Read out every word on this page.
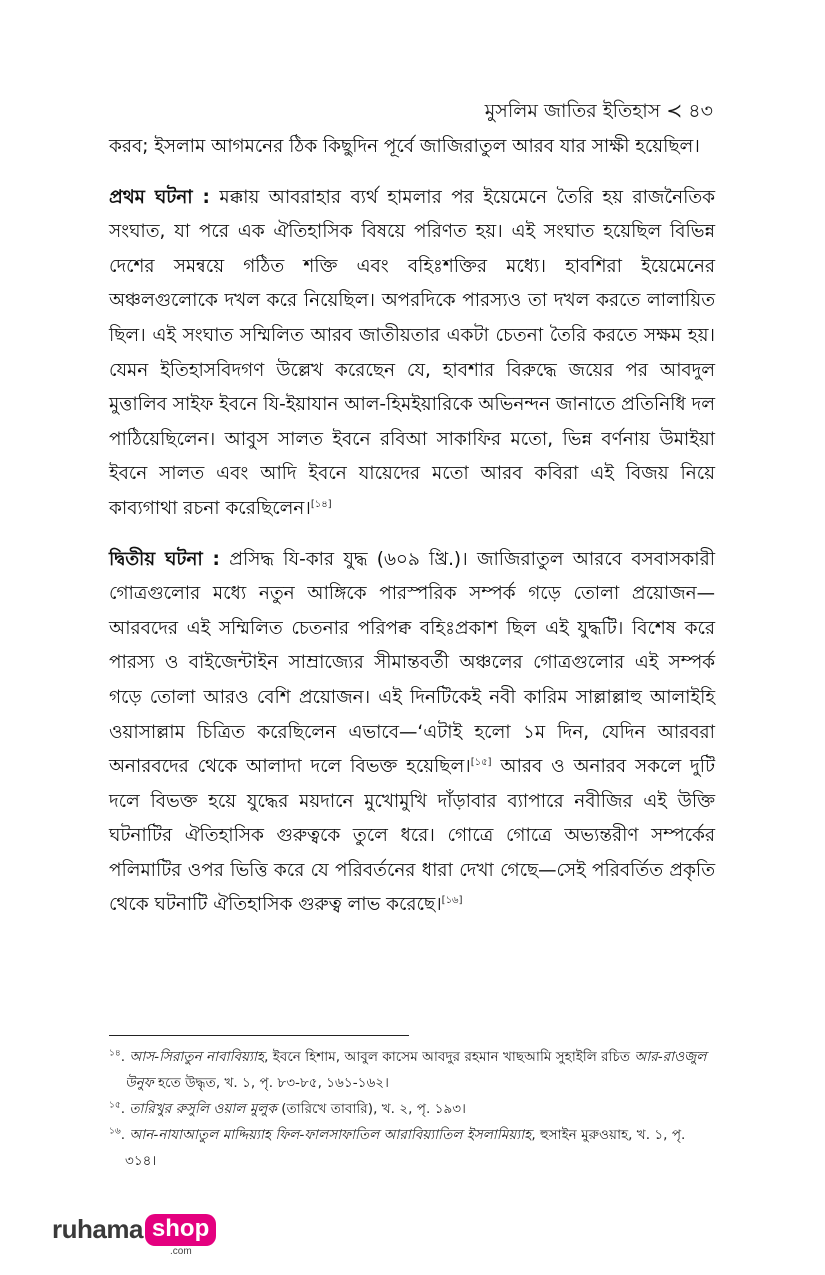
মুসলিম জাতির ইতিহাস ≺ ৪৩

করব; ইসলাম আগমনের ঠিক কিছুদিন পূর্বে জাজিরাতুল আরব যার সাক্ষী হয়েছিল।

প্রথম ঘটনা : মক্কায় আবরাহার ব্যর্থ হামলার পর ইয়েমেনে তৈরি হয় রাজনৈতিক সংঘাত, যা পরে এক ঐতিহাসিক বিষয়ে পরিণত হয়। এই সংঘাত হয়েছিল বিভিন্ন দেশের সমন্বয়ে গঠিত শক্তি এবং বহিঃশক্তির মধ্যে। হাবশিরা ইয়েমেনের অঞ্চলগুলোকে দখল করে নিয়েছিল। অপরদিকে পারস্যও তা দখল করতে লালায়িত ছিল। এই সংঘাত সম্মিলিত আরব জাতীয়তার একটা চেতনা তৈরি করতে সক্ষম হয়। যেমন ইতিহাসবিদগণ উল্লেখ করেছেন যে, হাবশার বিরুদ্ধে জয়ের পর আবদুল মুত্তালিব সাইফ ইবনে যি-ইয়াযান আল-হিমইয়ারিকে অভিনন্দন জানাতে প্রতিনিধি দল পাঠিয়েছিলেন। আবুস সালত ইবনে রবিআ সাকাফির মতো, ভিন্ন বর্ণনায় উমাইয়া ইবনে সালত এবং আদি ইবনে যায়েদের মতো আরব কবিরা এই বিজয় নিয়ে কাব্যগাথা রচনা করেছিলেন।[১৪]

দ্বিতীয় ঘটনা : প্রসিদ্ধ যি-কার যুদ্ধ (৬০৯ খ্রি.)। জাজিরাতুল আরবে বসবাসকারী গোত্রগুলোর মধ্যে নতুন আঙ্গিকে পারস্পরিক সম্পর্ক গড়ে তোলা প্রয়োজন—আরবদের এই সম্মিলিত চেতনার পরিপক্ব বহিঃপ্রকাশ ছিল এই যুদ্ধটি। বিশেষ করে পারস্য ও বাইজেন্টাইন সাম্রাজ্যের সীমান্তবর্তী অঞ্চলের গোত্রগুলোর এই সম্পর্ক গড়ে তোলা আরও বেশি প্রয়োজন। এই দিনটিকেই নবী কারিম সাল্লাল্লাহু আলাইহি ওয়াসাল্লাম চিত্রিত করেছিলেন এভাবে—‘এটাই হলো ১ম দিন, যেদিন আরবরা অনারবদের থেকে আলাদা দলে বিভক্ত হয়েছিল।[১৫] আরব ও অনারব সকলে দুটি দলে বিভক্ত হয়ে যুদ্ধের ময়দানে মুখোমুখি দাঁড়াবার ব্যাপারে নবীজির এই উক্তি ঘটনাটির ঐতিহাসিক গুরুত্বকে তুলে ধরে। গোত্রে গোত্রে অভ্যন্তরীণ সম্পর্কের পলিমাটির ওপর ভিত্তি করে যে পরিবর্তনের ধারা দেখা গেছে—সেই পরিবর্তিত প্রকৃতি থেকে ঘটনাটি ঐতিহাসিক গুরুত্ব লাভ করেছে।[১৬]

$^{১৪}$. আস-সিরাতুন নাবাবিয়্যাহ, ইবনে হিশাম, আবুল কাসেম আবদুর রহমান খাছআমি সুহাইলি রচিত আর-রাওজুল উনুফ হতে উদ্ধৃত, খ. ১, পৃ. ৮৩-৮৫, ১৬১-১৬২।

$^{১৫}$. তারিখুর রুসুলি ওয়াল মুলুক (তারিখে তাবারি), খ. ২, পৃ. ১৯৩।

$^{১৬}$. আন-নাযাআতুল মাদ্দিয়্যাহ ফিল-ফালসাফাতিল আরাবিয়্যাতিল ইসলামিয়্যাহ, হুসাইন মুরুওয়াহ, খ. ১, পৃ. ৩১৪।

ruhama shop
.com
